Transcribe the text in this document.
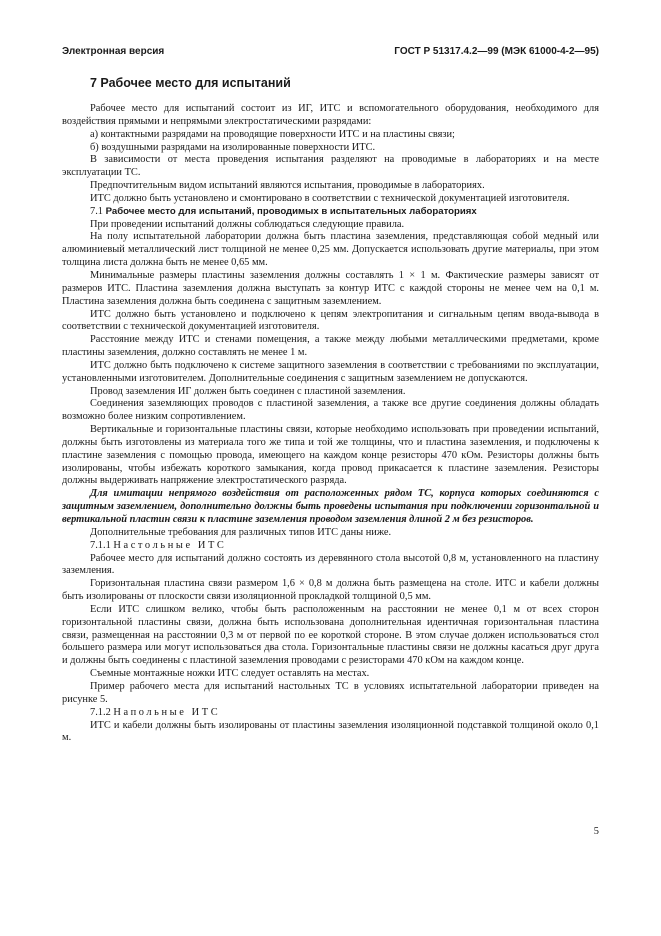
Электронная версия	ГОСТ Р 51317.4.2—99 (МЭК 61000-4-2—95)
7 Рабочее место для испытаний

Рабочее место для испытаний состоит из ИГ, ИТС и вспомогательного оборудования, необходимого для воздействия прямыми и непрямыми электростатическими разрядами:

а) контактными разрядами на проводящие поверхности ИТС и на пластины связи;

б) воздушными разрядами на изолированные поверхности ИТС.

В зависимости от места проведения испытания разделяют на проводимые в лабораториях и на месте эксплуатации ТС.

Предпочтительным видом испытаний являются испытания, проводимые в лабораториях.

ИТС должно быть установлено и смонтировано в соответствии с технической документацией изготовителя.

7.1 Рабочее место для испытаний, проводимых в испытательных лабораториях

При проведении испытаний должны соблюдаться следующие правила.

На полу испытательной лаборатории должна быть пластина заземления, представляющая собой медный или алюминиевый металлический лист толщиной не менее 0,25 мм. Допускается использовать другие материалы, при этом толщина листа должна быть не менее 0,65 мм.

Минимальные размеры пластины заземления должны составлять 1 × 1 м. Фактические размеры зависят от размеров ИТС. Пластина заземления должна выступать за контур ИТС с каждой стороны не менее чем на 0,1 м. Пластина заземления должна быть соединена с защитным заземлением.

ИТС должно быть установлено и подключено к цепям электропитания и сигнальным цепям ввода-вывода в соответствии с технической документацией изготовителя.

Расстояние между ИТС и стенами помещения, а также между любыми металлическими предметами, кроме пластины заземления, должно составлять не менее 1 м.

ИТС должно быть подключено к системе защитного заземления в соответствии с требованиями по эксплуатации, установленными изготовителем. Дополнительные соединения с защитным заземлением не допускаются.

Провод заземления ИГ должен быть соединен с пластиной заземления.

Соединения заземляющих проводов с пластиной заземления, а также все другие соединения должны обладать возможно более низким сопротивлением.

Вертикальные и горизонтальные пластины связи, которые необходимо использовать при проведении испытаний, должны быть изготовлены из материала того же типа и той же толщины, что и пластина заземления, и подключены к пластине заземления с помощью провода, имеющего на каждом конце резисторы 470 кОм. Резисторы должны быть изолированы, чтобы избежать короткого замыкания, когда провод прикасается к пластине заземления. Резисторы должны выдерживать напряжение электростатического разряда.

Для имитации непрямого воздействия от расположенных рядом ТС, корпуса которых соединяются с защитным заземлением, дополнительно должны быть проведены испытания при подключении горизонтальной и вертикальной пластин связи к пластине заземления проводом заземления длиной 2 м без резисторов.

Дополнительные требования для различных типов ИТС даны ниже.

7.1.1 Настольные ИТС

Рабочее место для испытаний должно состоять из деревянного стола высотой 0,8 м, установленного на пластину заземления.

Горизонтальная пластина связи размером 1,6 × 0,8 м должна быть размещена на столе. ИТС и кабели должны быть изолированы от плоскости связи изоляционной прокладкой толщиной 0,5 мм.

Если ИТС слишком велико, чтобы быть расположенным на расстоянии не менее 0,1 м от всех сторон горизонтальной пластины связи, должна быть использована дополнительная идентичная горизонтальная пластина связи, размещенная на расстоянии 0,3 м от первой по ее короткой стороне. В этом случае должен использоваться стол большего размера или могут использоваться два стола. Горизонтальные пластины связи не должны касаться друг друга и должны быть соединены с пластиной заземления проводами с резисторами 470 кОм на каждом конце.

Съемные монтажные ножки ИТС следует оставлять на местах.

Пример рабочего места для испытаний настольных ТС в условиях испытательной лаборатории приведен на рисунке 5.

7.1.2 Напольные ИТС

ИТС и кабели должны быть изолированы от пластины заземления изоляционной подставкой толщиной около 0,1 м.

5
